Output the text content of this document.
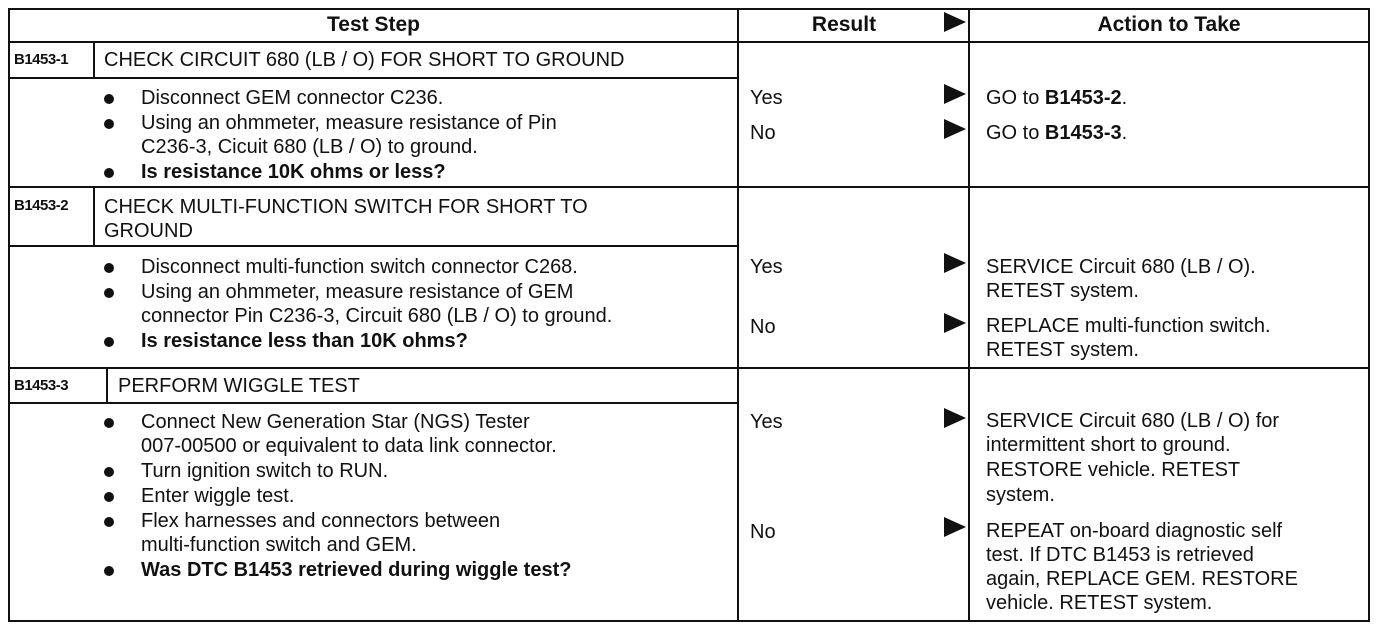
Test Step	Result	Action to Take
B1453-1 CHECK CIRCUIT 680 (LB / O) FOR SHORT TO GROUND
Disconnect GEM connector C236.
Using an ohmmeter, measure resistance of Pin
C236-3, Cicuit 680 (LB / O) to ground.
Is resistance 10K ohms or less?
Yes	GO to B1453-2.
No	GO to B1453-3.
B1453-2 CHECK MULTI-FUNCTION SWITCH FOR SHORT TO
GROUND
Disconnect multi-function switch connector C268.
Using an ohmmeter, measure resistance of GEM
connector Pin C236-3, Circuit 680 (LB / O) to ground.
Is resistance less than 10K ohms?
Yes	SERVICE Circuit 680 (LB / O).
RETEST system.
No	REPLACE multi-function switch.
RETEST system.
B1453-3 PERFORM WIGGLE TEST
Connect New Generation Star (NGS) Tester
007-00500 or equivalent to data link connector.
Turn ignition switch to RUN.
Enter wiggle test.
Flex harnesses and connectors between
multi-function switch and GEM.
Was DTC B1453 retrieved during wiggle test?
Yes	SERVICE Circuit 680 (LB / O) for
intermittent short to ground.
RESTORE vehicle. RETEST
system.
No	REPEAT on-board diagnostic self
test. If DTC B1453 is retrieved
again, REPLACE GEM. RESTORE
vehicle. RETEST system.
